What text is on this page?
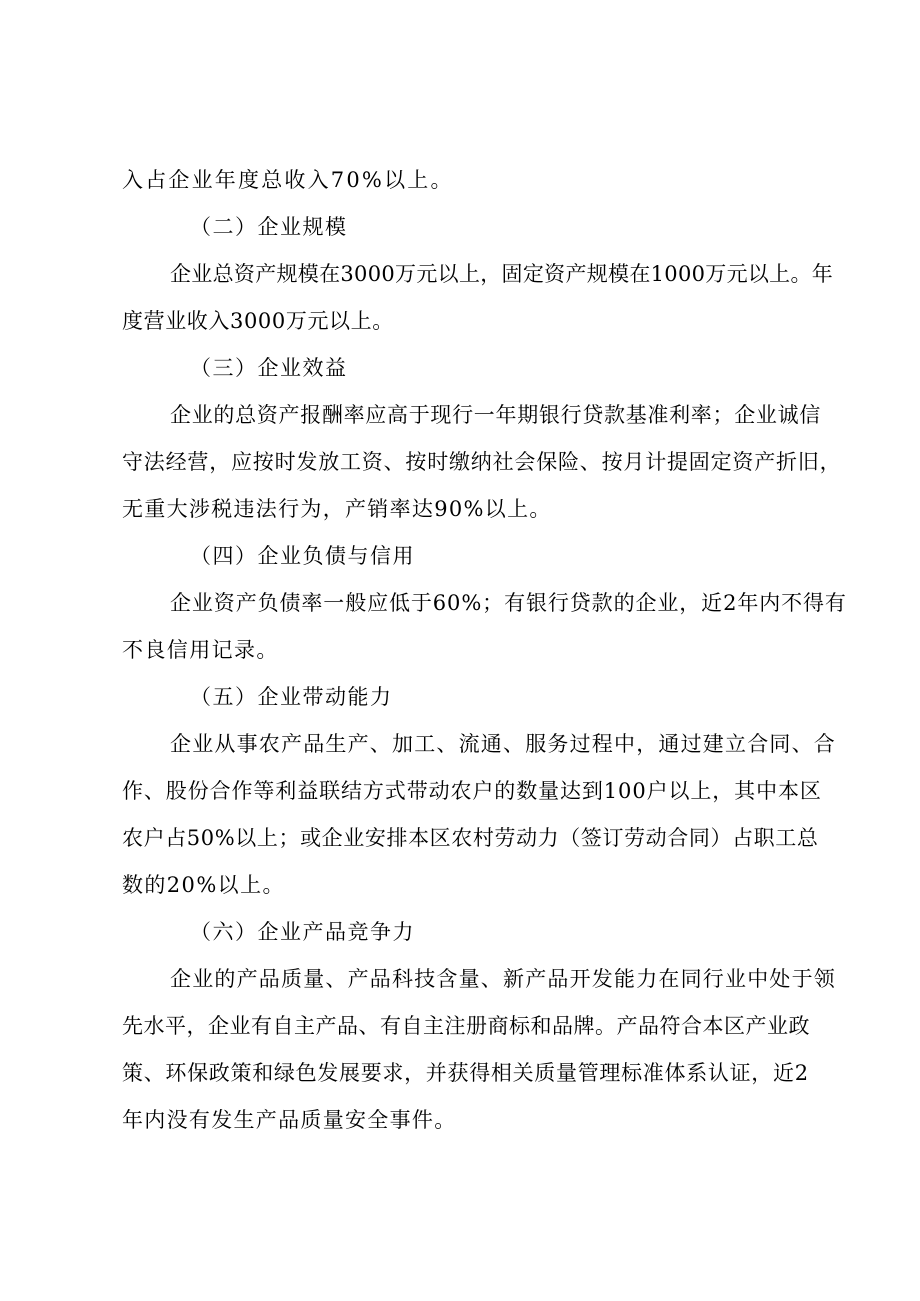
入占企业年度总收入70%以上。
（二）企业规模
企业总资产规模在3000万元以上，固定资产规模在1000万元以上。年
度营业收入3000万元以上。
（三）企业效益
企业的总资产报酬率应高于现行一年期银行贷款基准利率；企业诚信
守法经营，应按时发放工资、按时缴纳社会保险、按月计提固定资产折旧，
无重大涉税违法行为，产销率达90%以上。
（四）企业负债与信用
企业资产负债率一般应低于60%；有银行贷款的企业，近2年内不得有
不良信用记录。
（五）企业带动能力
企业从事农产品生产、加工、流通、服务过程中，通过建立合同、合
作、股份合作等利益联结方式带动农户的数量达到100户以上，其中本区
农户占50%以上；或企业安排本区农村劳动力（签订劳动合同）占职工总
数的20%以上。
（六）企业产品竞争力
企业的产品质量、产品科技含量、新产品开发能力在同行业中处于领
先水平，企业有自主产品、有自主注册商标和品牌。产品符合本区产业政
策、环保政策和绿色发展要求，并获得相关质量管理标准体系认证，近2
年内没有发生产品质量安全事件。
